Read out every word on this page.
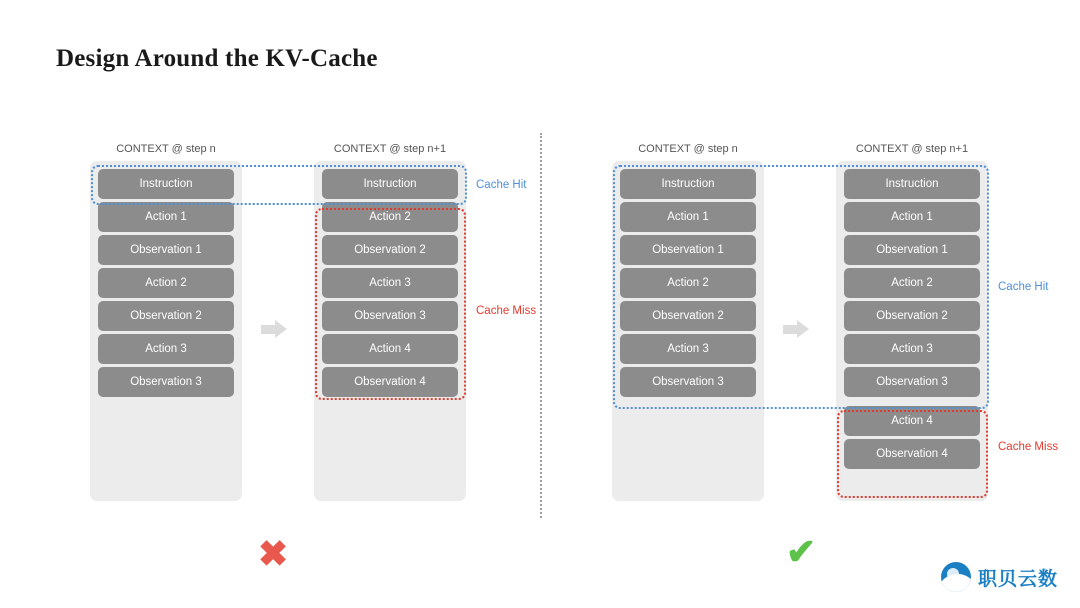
Design Around the KV-Cache
CONTEXT @ step n
Instruction
Action 1
Observation 1
Action 2
Observation 2
Action 3
Observation 3
CONTEXT @ step n+1
Instruction
Action 2
Observation 2
Action 3
Observation 3
Action 4
Observation 4
Cache Hit
Cache Miss
✖
CONTEXT @ step n
Instruction
Action 1
Observation 1
Action 2
Observation 2
Action 3
Observation 3
CONTEXT @ step n+1
Instruction
Action 1
Observation 1
Action 2
Observation 2
Action 3
Observation 3
Action 4
Observation 4
Cache Hit
Cache Miss
✔
职贝云数
